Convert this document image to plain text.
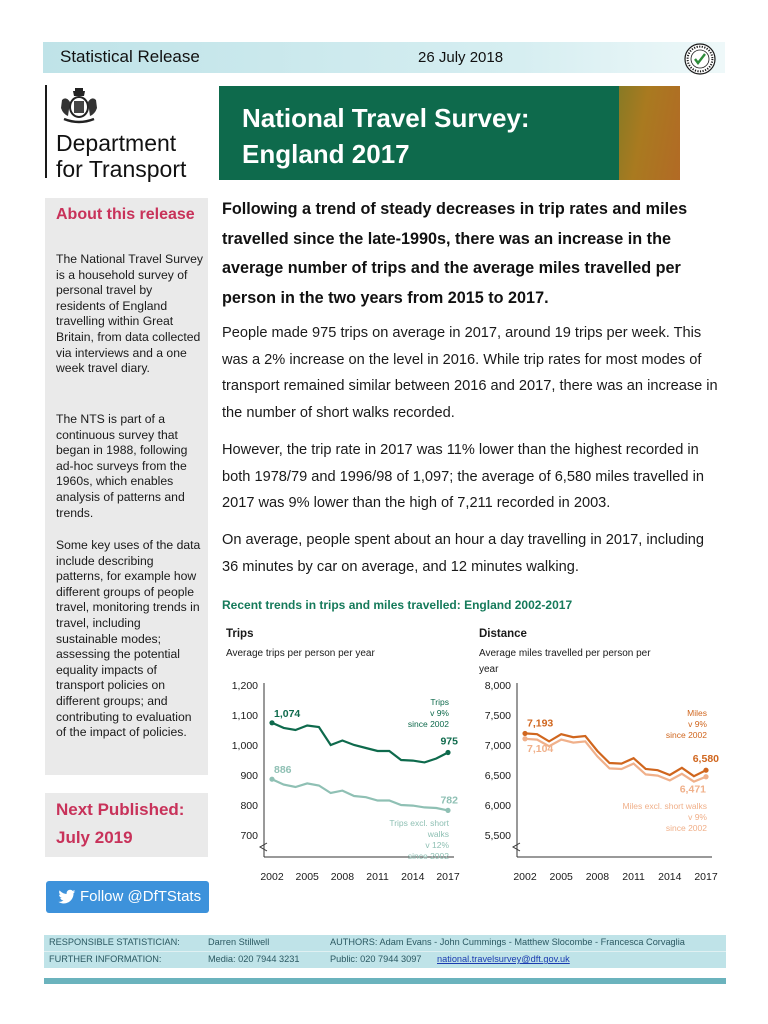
Statistical Release	26 July 2018
Department
for Transport
National Travel Survey:
England 2017
About this release
The National Travel Survey is a household survey of personal travel by residents of England travelling within Great Britain, from data collected via interviews and a one week travel diary.
The NTS is part of a continuous survey that began in 1988, following ad-hoc surveys from the 1960s, which enables analysis of patterns and trends.
Some key uses of the data include describing patterns, for example how different groups of people travel, monitoring trends in travel, including sustainable modes; assessing the potential equality impacts of transport policies on different groups; and contributing to evaluation of the impact of policies.
Next Published:
July 2019
Follow @DfTStats
Following a trend of steady decreases in trip rates and miles travelled since the late-1990s, there was an increase in the average number of trips and the average miles travelled per person in the two years from 2015 to 2017.
People made 975 trips on average in 2017, around 19 trips per week. This was a 2% increase on the level in 2016. While trip rates for most modes of transport remained similar between 2016 and 2017, there was an increase in the number of short walks recorded.
However, the trip rate in 2017 was 11% lower than the highest recorded in both 1978/79 and 1996/98 of 1,097; the average of 6,580 miles travelled in 2017 was 9% lower than the high of 7,211 recorded in 2003.
On average, people spent about an hour a day travelling in 2017, including 36 minutes by car on average, and 12 minutes walking.
Recent trends in trips and miles travelled: England 2002-2017
Trips
Average trips per person per year
1,200
1,100
1,000
900
800
700
2002 2005 2008 2011 2014 2017
1,074
975
Trips
v 9%
since 2002
886
782
Trips excl. short
walks
v 12%
since 2002
Distance
Average miles travelled per person per
year
8,000
7,500
7,000
6,500
6,000
5,500
2002 2005 2008 2011 2014 2017
7,193
6,580
Miles
v 9%
since 2002
7,104
6,471
Miles excl. short walks
v 9%
since 2002
RESPONSIBLE STATISTICIAN:	Darren Stillwell	AUTHORS: Adam Evans - John Cummings - Matthew Slocombe - Francesca Corvaglia
FURTHER INFORMATION:	Media: 020 7944 3231	Public: 020 7944 3097 national.travelsurvey@dft.gov.uk
